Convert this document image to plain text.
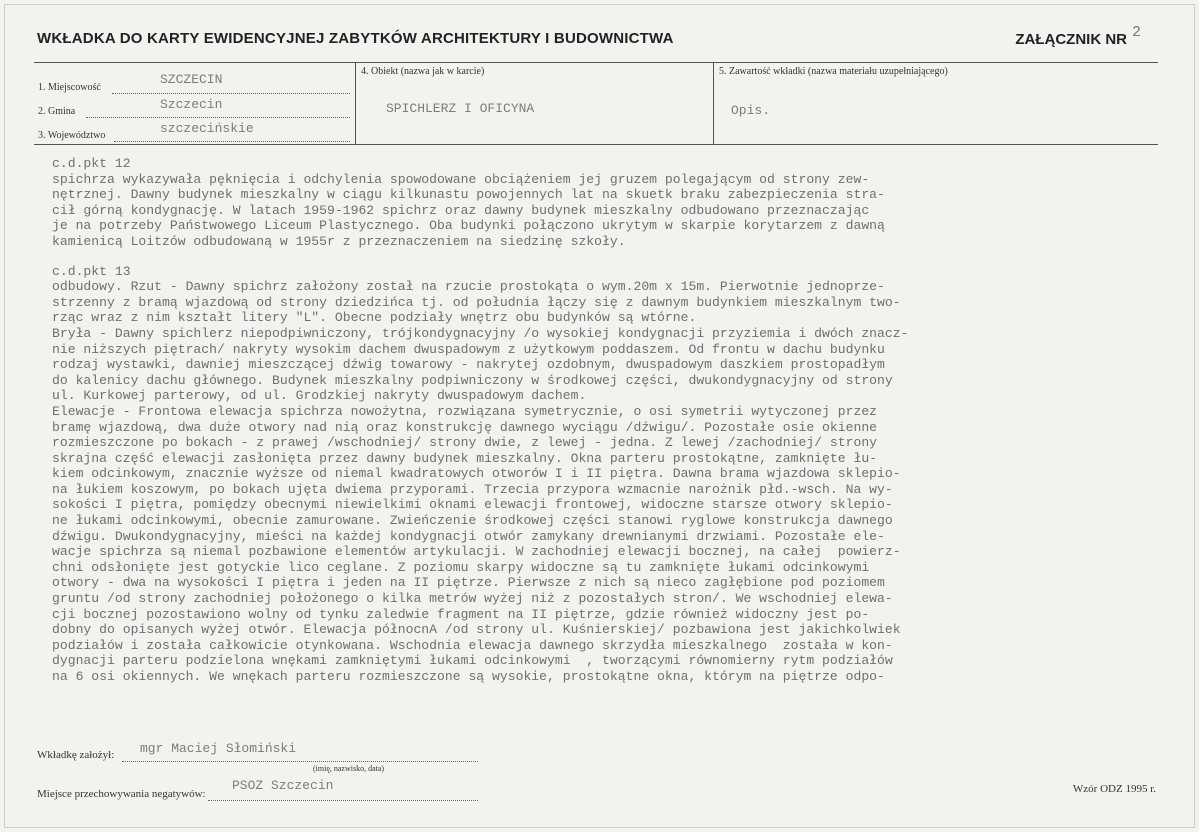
WKŁADKA DO KARTY EWIDENCYJNEJ ZABYTKÓW ARCHITEKTURY I BUDOWNICTWA	ZAŁĄCZNIK NR 2
1. Miejscowość
SZCZECIN
2. Gmina	Szczecin
3. Województwo	szczecińskie
4. Obiekt (nazwa jak w karcie)
SPICHLERZ I OFICYNA
5. Zawartość wkładki (nazwa materiału uzupełniającego)
Opis.
c.d.pkt 12
spichrza wykazywała pęknięcia i odchylenia spowodowane obciążeniem jej gruzem polegającym od strony zew-
nętrznej. Dawny budynek mieszkalny w ciągu kilkunastu powojennych lat na skuetk braku zabezpieczenia stra-
cił górną kondygnację. W latach 1959-1962 spichrz oraz dawny budynek mieszkalny odbudowano przeznaczając
je na potrzeby Państwowego Liceum Plastycznego. Oba budynki połączono ukrytym w skarpie korytarzem z dawną
kamienicą Loitzów odbudowaną w 1955r z przeznaczeniem na siedzinę szkoły.
c.d.pkt 13
odbudowy. Rzut - Dawny spichrz założony został na rzucie prostokąta o wym.20m x 15m. Pierwotnie jednoprze-
strzenny z bramą wjazdową od strony dziedzińca tj. od południa łączy się z dawnym budynkiem mieszkalnym two-
rząc wraz z nim kształt litery "L". Obecne podziały wnętrz obu budynków są wtórne.
Bryła - Dawny spichlerz niepodpiwniczony, trójkondygnacyjny /o wysokiej kondygnacji przyziemia i dwóch znacz-
nie niższych piętrach/ nakryty wysokim dachem dwuspadowym z użytkowym poddaszem. Od frontu w dachu budynku
rodzaj wystawki, dawniej mieszczącej dźwig towarowy - nakrytej ozdobnym, dwuspadowym daszkiem prostopadłym
do kalenicy dachu głównego. Budynek mieszkalny podpiwniczony w środkowej części, dwukondygnacyjny od strony
ul. Kurkowej parterowy, od ul. Grodzkiej nakryty dwuspadowym dachem.
Elewacje - Frontowa elewacja spichrza nowożytna, rozwiązana symetrycznie, o osi symetrii wytyczonej przez
bramę wjazdową, dwa duże otwory nad nią oraz konstrukcję dawnego wyciągu /dźwigu/. Pozostałe osie okienne
rozmieszczone po bokach - z prawej /wschodniej/ strony dwie, z lewej - jedna. Z lewej /zachodniej/ strony
skrajna część elewacji zasłonięta przez dawny budynek mieszkalny. Okna parteru prostokątne, zamknięte łu-
kiem odcinkowym, znacznie wyższe od niemal kwadratowych otworów I i II piętra. Dawna brama wjazdowa sklepio-
na łukiem koszowym, po bokach ujęta dwiema przyporami. Trzecia przypora wzmacnie narożnik płd.-wsch. Na wy-
sokości I piętra, pomiędzy obecnymi niewielkimi oknami elewacji frontowej, widoczne starsze otwory sklepio-
ne łukami odcinkowymi, obecnie zamurowane. Zwieńczenie środkowej części stanowi ryglowe konstrukcja dawnego
dźwigu. Dwukondygnacyjny, mieści na każdej kondygnacji otwór zamykany drewnianymi drzwiami. Pozostałe ele-
wacje spichrza są niemal pozbawione elementów artykulacji. W zachodniej elewacji bocznej, na całej  powierz-
chni odsłonięte jest gotyckie lico ceglane. Z poziomu skarpy widoczne są tu zamknięte łukami odcinkowymi
otwory - dwa na wysokości I piętra i jeden na II piętrze. Pierwsze z nich są nieco zagłębione pod poziomem
gruntu /od strony zachodniej położonego o kilka metrów wyżej niż z pozostałych stron/. We wschodniej elewa-
cji bocznej pozostawiono wolny od tynku zaledwie fragment na II piętrze, gdzie również widoczny jest po-
dobny do opisanych wyżej otwór. Elewacja północnA /od strony ul. Kuśnierskiej/ pozbawiona jest jakichkolwiek
podziałów i została całkowicie otynkowana. Wschodnia elewacja dawnego skrzydła mieszkalnego  została w kon-
dygnacji parteru podzielona wnękami zamkniętymi łukami odcinkowymi  , tworzącymi równomierny rytm podziałów
na 6 osi okiennych. We wnękach parteru rozmieszczone są wysokie, prostokątne okna, którym na piętrze odpo-
Wkładkę założył: mgr Maciej Słomiński
(imię, nazwisko, data)
Miejsce przechowywania negatywów:
PSOZ Szczecin	Wzór ODZ 1995 r.
